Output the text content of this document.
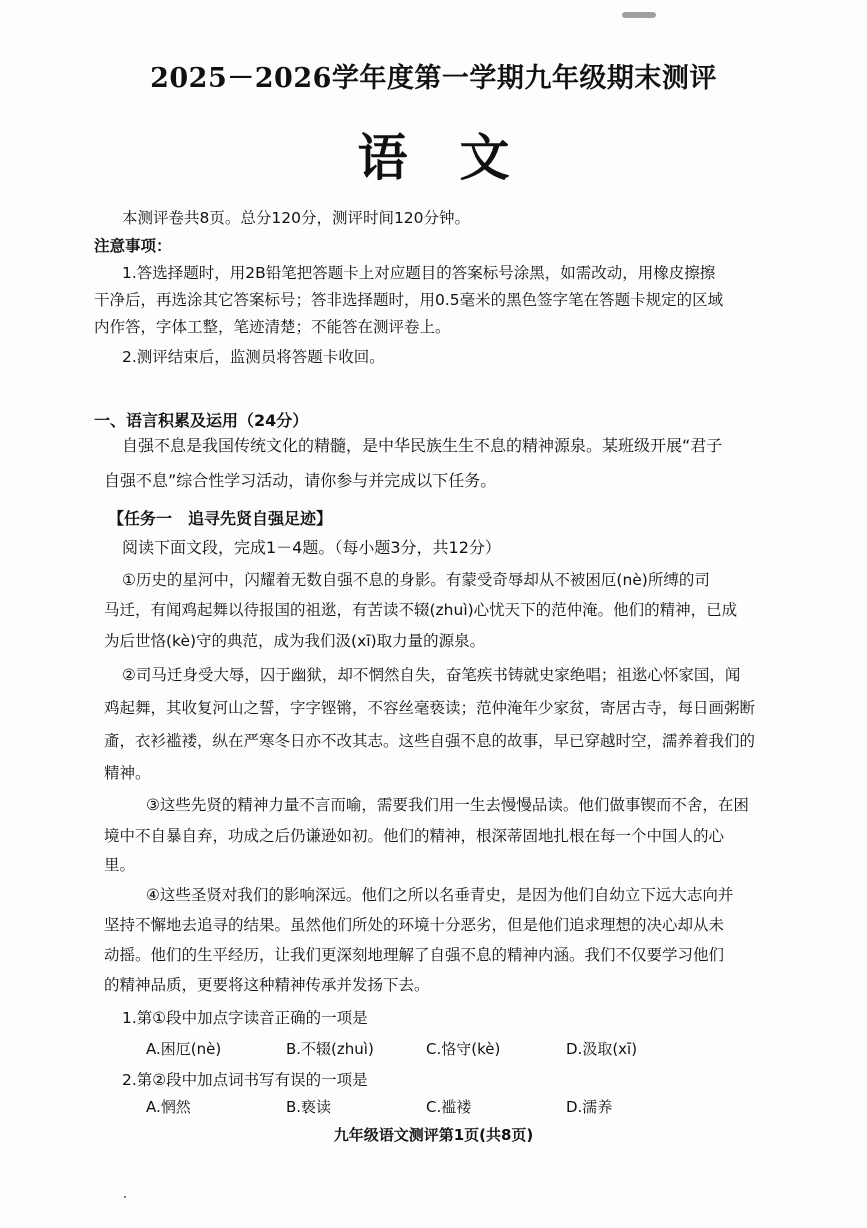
2025－2026学年度第一学期九年级期末测评
语文
本测评卷共8页。总分120分，测评时间120分钟。
注意事项：
1.答选择题时，用2B铅笔把答题卡上对应题目的答案标号涂黑，如需改动，用橡皮擦擦
干净后，再选涂其它答案标号；答非选择题时，用0.5毫米的黑色签字笔在答题卡规定的区域
内作答，字体工整，笔迹清楚；不能答在测评卷上。
2.测评结束后，监测员将答题卡收回。
一、语言积累及运用（24分）
自强不息是我国传统文化的精髓，是中华民族生生不息的精神源泉。某班级开展“君子
自强不息”综合性学习活动，请你参与并完成以下任务。
【任务一　追寻先贤自强足迹】
阅读下面文段，完成1－4题。（每小题3分，共12分）
①历史的星河中，闪耀着无数自强不息的身影。有蒙受奇辱却从不被困厄(nè)所缚的司
马迁，有闻鸡起舞以待报国的祖逖，有苦读不辍(zhuì)心忧天下的范仲淹。他们的精神，已成
为后世恪(kè)守的典范，成为我们汲(xī)取力量的源泉。
②司马迁身受大辱，囚于幽狱，却不惘然自失，奋笔疾书铸就史家绝唱；祖逖心怀家国，闻
鸡起舞，其收复河山之誓，字字铿锵，不容丝毫亵读；范仲淹年少家贫，寄居古寺，每日画粥断
齑，衣衫褴褛，纵在严寒冬日亦不改其志。这些自强不息的故事，早已穿越时空，濡养着我们的
精神。
③这些先贤的精神力量不言而喻，需要我们用一生去慢慢品读。他们做事锲而不舍，在困
境中不自暴自弃，功成之后仍谦逊如初。他们的精神，根深蒂固地扎根在每一个中国人的心
里。
④这些圣贤对我们的影响深远。他们之所以名垂青史，是因为他们自幼立下远大志向并
坚持不懈地去追寻的结果。虽然他们所处的环境十分恶劣，但是他们追求理想的决心却从未
动摇。他们的生平经历，让我们更深刻地理解了自强不息的精神内涵。我们不仅要学习他们
的精神品质，更要将这种精神传承并发扬下去。
1.第①段中加点字读音正确的一项是
A.困厄(nè)	B.不辍(zhuì)	C.恪守(kè)	D.汲取(xī)
2.第②段中加点词书写有误的一项是
A.惘然	B.亵读	C.褴褛	D.濡养
九年级语文测评第1页(共8页)
